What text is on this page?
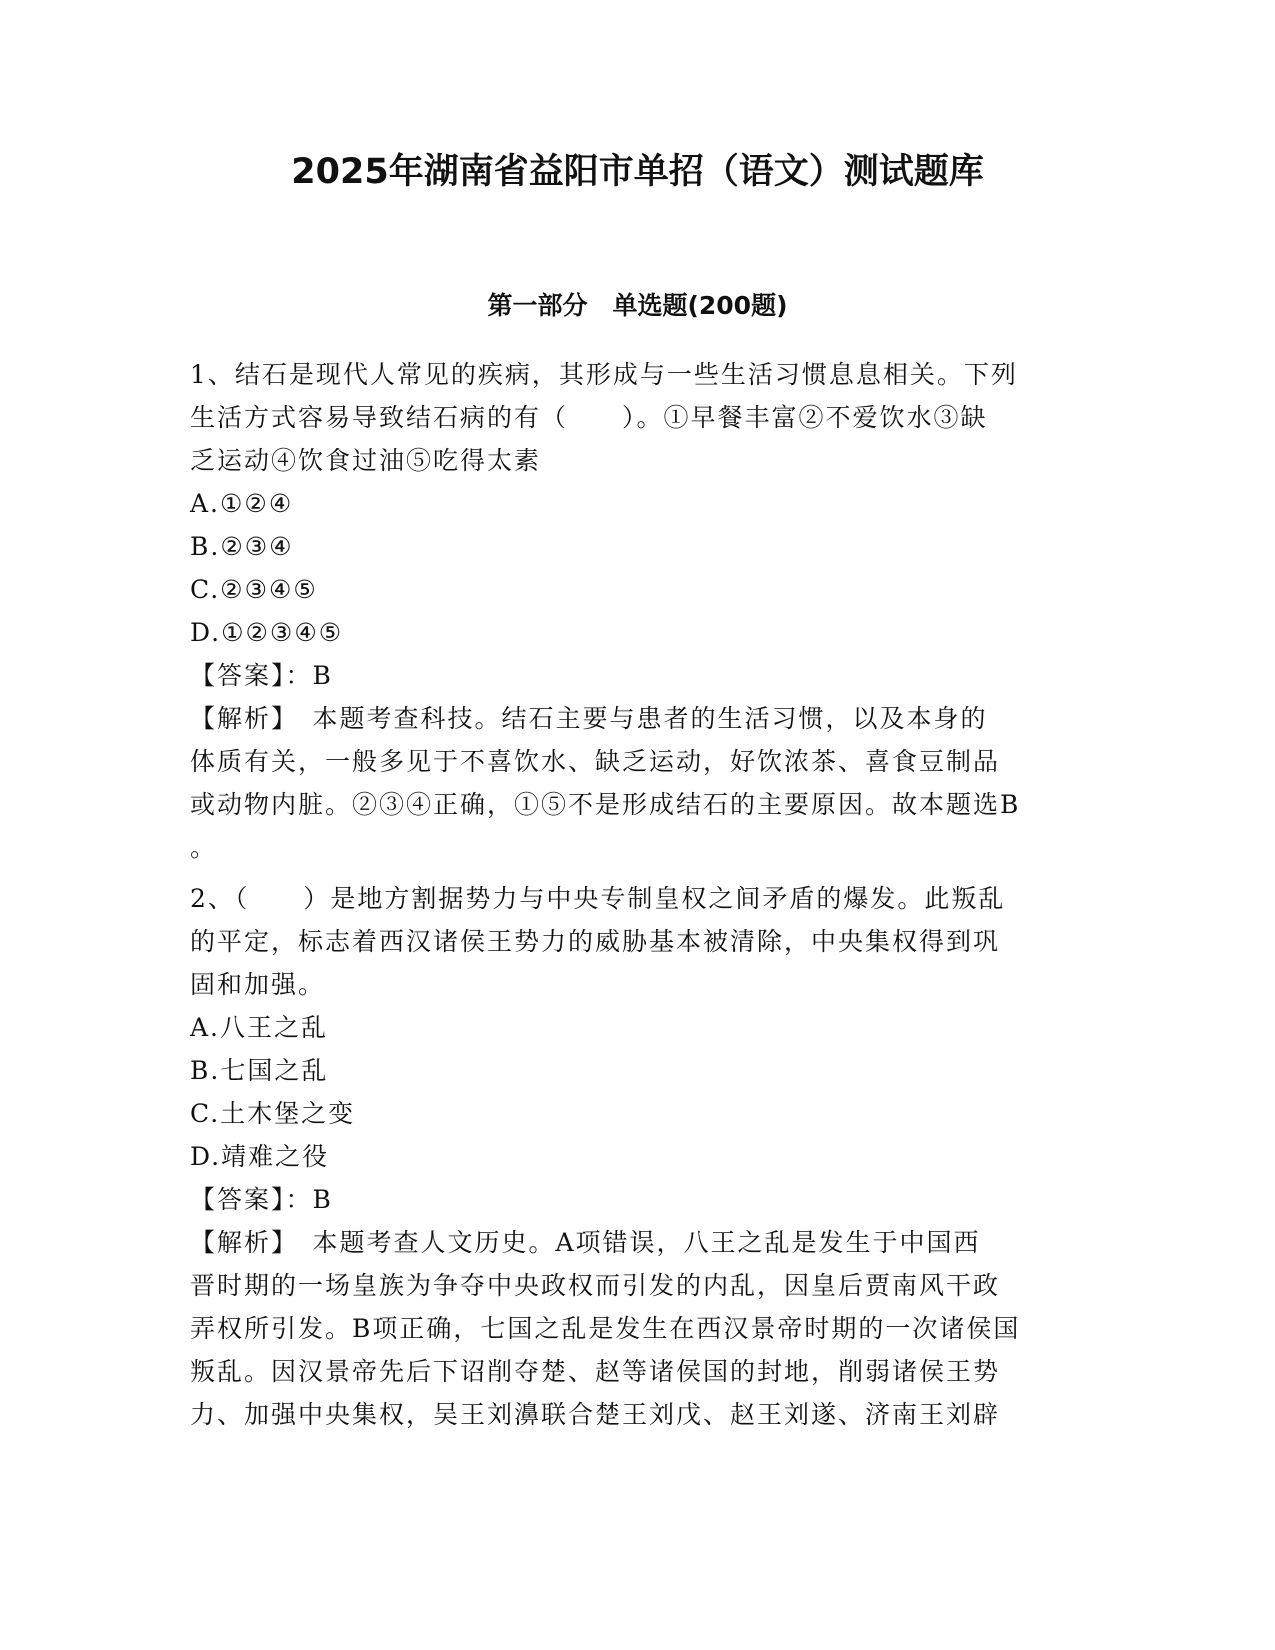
2025年湖南省益阳市单招（语文）测试题库
第一部分　单选题(200题)
1、结石是现代人常见的疾病，其形成与一些生活习惯息息相关。下列
生活方式容易导致结石病的有（　　）。①早餐丰富②不爱饮水③缺
乏运动④饮食过油⑤吃得太素
A.①②④
B.②③④
C.②③④⑤
D.①②③④⑤
【答案】：B
【解析】　本题考查科技。结石主要与患者的生活习惯，以及本身的
体质有关，一般多见于不喜饮水、缺乏运动，好饮浓茶、喜食豆制品
或动物内脏。②③④正确，①⑤不是形成结石的主要原因。故本题选B
。
2、（　　）是地方割据势力与中央专制皇权之间矛盾的爆发。此叛乱
的平定，标志着西汉诸侯王势力的威胁基本被清除，中央集权得到巩
固和加强。
A.八王之乱
B.七国之乱
C.土木堡之变
D.靖难之役
【答案】：B
【解析】　本题考查人文历史。A项错误，八王之乱是发生于中国西
晋时期的一场皇族为争夺中央政权而引发的内乱，因皇后贾南风干政
弄权所引发。B项正确，七国之乱是发生在西汉景帝时期的一次诸侯国
叛乱。因汉景帝先后下诏削夺楚、赵等诸侯国的封地，削弱诸侯王势
力、加强中央集权，吴王刘濞联合楚王刘戊、赵王刘遂、济南王刘辟
